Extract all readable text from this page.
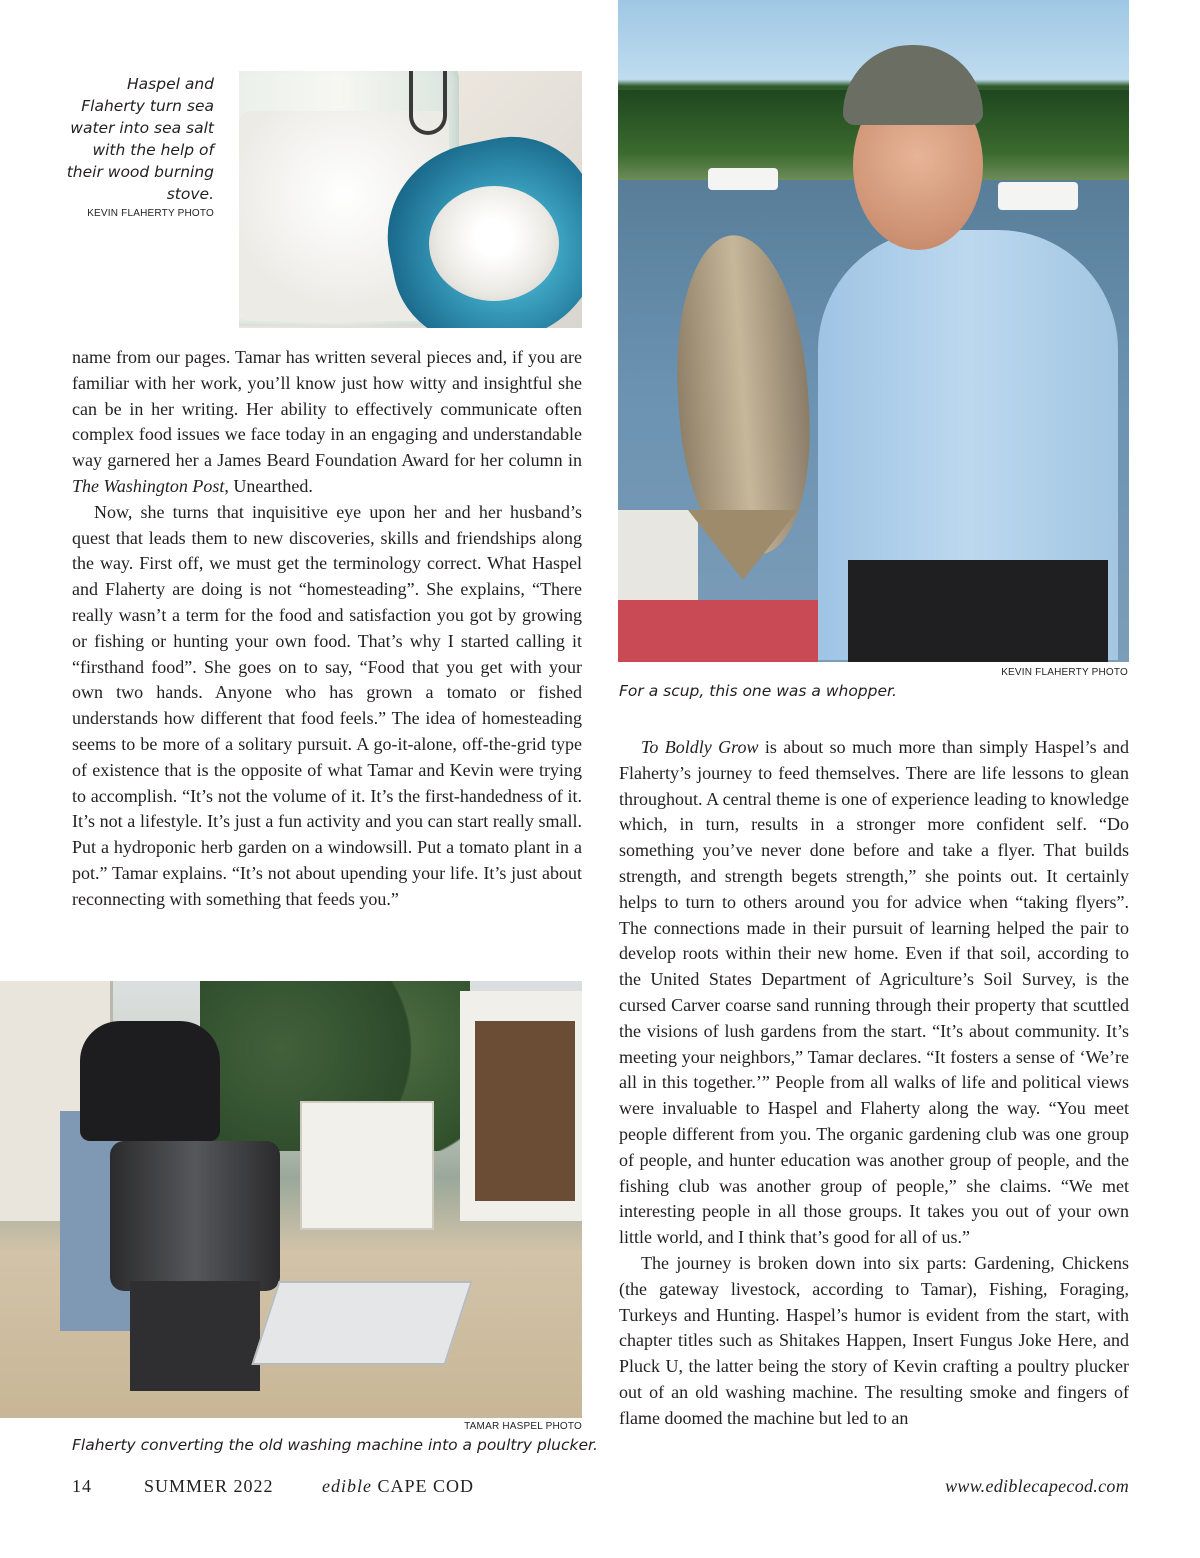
Haspel and Flaherty turn sea water into sea salt with the help of their wood burning stove.
KEVIN FLAHERTY PHOTO
KEVIN FLAHERTY PHOTO
For a scup, this one was a whopper.

name from our pages. Tamar has written several pieces and, if you are familiar with her work, you’ll know just how witty and insightful she can be in her writing. Her ability to effectively communicate often complex food issues we face today in an engaging and understandable way garnered her a James Beard Foundation Award for her column in The Washington Post, Unearthed.

Now, she turns that inquisitive eye upon her and her husband’s quest that leads them to new discoveries, skills and friendships along the way. First off, we must get the terminology correct. What Haspel and Flaherty are doing is not “homesteading”. She explains, “There really wasn’t a term for the food and satisfaction you got by growing or fishing or hunting your own food. That’s why I started calling it “firsthand food”. She goes on to say, “Food that you get with your own two hands. Anyone who has grown a tomato or fished understands how different that food feels.” The idea of homesteading seems to be more of a solitary pursuit. A go-it-alone, off-the-grid type of existence that is the opposite of what Tamar and Kevin were trying to accomplish. “It’s not the volume of it. It’s the first-handedness of it. It’s not a lifestyle. It’s just a fun activity and you can start really small. Put a hydroponic herb garden on a windowsill. Put a tomato plant in a pot.” Tamar explains. “It’s not about upending your life. It’s just about reconnecting with something that feeds you.”

TAMAR HASPEL PHOTO
Flaherty converting the old washing machine into a poultry plucker.

To Boldly Grow is about so much more than simply Haspel’s and Flaherty’s journey to feed themselves. There are life lessons to glean throughout. A central theme is one of experience leading to knowledge which, in turn, results in a stronger more confident self. “Do something you’ve never done before and take a flyer. That builds strength, and strength begets strength,” she points out. It certainly helps to turn to others around you for advice when “taking flyers”. The connections made in their pursuit of learning helped the pair to develop roots within their new home. Even if that soil, according to the United States Department of Agriculture’s Soil Survey, is the cursed Carver coarse sand running through their property that scuttled the visions of lush gardens from the start. “It’s about community. It’s meeting your neighbors,” Tamar declares. “It fosters a sense of ‘We’re all in this together.’” People from all walks of life and political views were invaluable to Haspel and Flaherty along the way. “You meet people different from you. The organic gardening club was one group of people, and hunter education was another group of people, and the fishing club was another group of people,” she claims. “We met interesting people in all those groups. It takes you out of your own little world, and I think that’s good for all of us.”

The journey is broken down into six parts: Gardening, Chickens (the gateway livestock, according to Tamar), Fishing, Foraging, Turkeys and Hunting. Haspel’s humor is evident from the start, with chapter titles such as Shitakes Happen, Insert Fungus Joke Here, and Pluck U, the latter being the story of Kevin crafting a poultry plucker out of an old washing machine. The resulting smoke and fingers of flame doomed the machine but led to an

14	SUMMER 2022	edible CAPE COD	www.ediblecapecod.com
